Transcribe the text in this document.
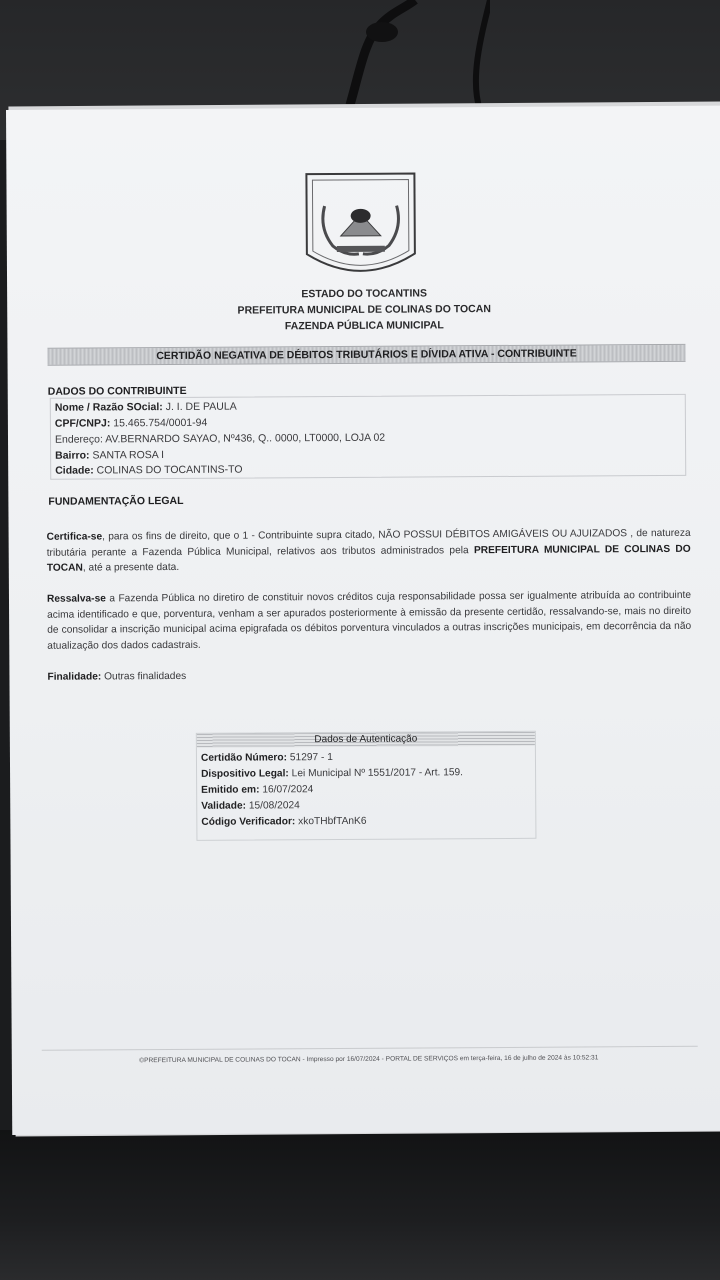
ESTADO DO TOCANTINS
PREFEITURA MUNICIPAL DE COLINAS DO TOCAN
FAZENDA PÚBLICA MUNICIPAL
CERTIDÃO NEGATIVA DE DÉBITOS TRIBUTÁRIOS E DÍVIDA ATIVA - CONTRIBUINTE
DADOS DO CONTRIBUINTE
Nome / Razão SOcial: J. I. DE PAULA
CPF/CNPJ: 15.465.754/0001-94
Endereço: AV.BERNARDO SAYAO, Nº436, Q.. 0000, LT0000, LOJA 02
Bairro: SANTA ROSA I
Cidade: COLINAS DO TOCANTINS-TO
FUNDAMENTAÇÃO LEGAL
Certifica-se, para os fins de direito, que o 1 - Contribuinte supra citado, NÃO POSSUI DÉBITOS AMIGÁVEIS OU AJUIZADOS , de natureza tributária perante a Fazenda Pública Municipal, relativos aos tributos administrados pela PREFEITURA MUNICIPAL DE COLINAS DO TOCAN, até a presente data.
Ressalva-se a Fazenda Pública no diretiro de constituir novos créditos cuja responsabilidade possa ser igualmente atribuída ao contribuinte acima identificado e que, porventura, venham a ser apurados posteriormente à emissão da presente certidão, ressalvando-se, mais no direito de consolidar a inscrição municipal acima epigrafada os débitos porventura vinculados a outras inscrições municipais, em decorrência da não atualização dos dados cadastrais.
Finalidade: Outras finalidades
Dados de Autenticação
Certidão Número: 51297 - 1
Dispositivo Legal: Lei Municipal Nº 1551/2017 - Art. 159.
Emitido em: 16/07/2024
Validade: 15/08/2024
Código Verificador: xkoTHbfTAnK6
©PREFEITURA MUNICIPAL DE COLINAS DO TOCAN - Impresso por 16/07/2024 - PORTAL DE SERVIÇOS em terça-feira, 16 de julho de 2024 às 10:52:31
